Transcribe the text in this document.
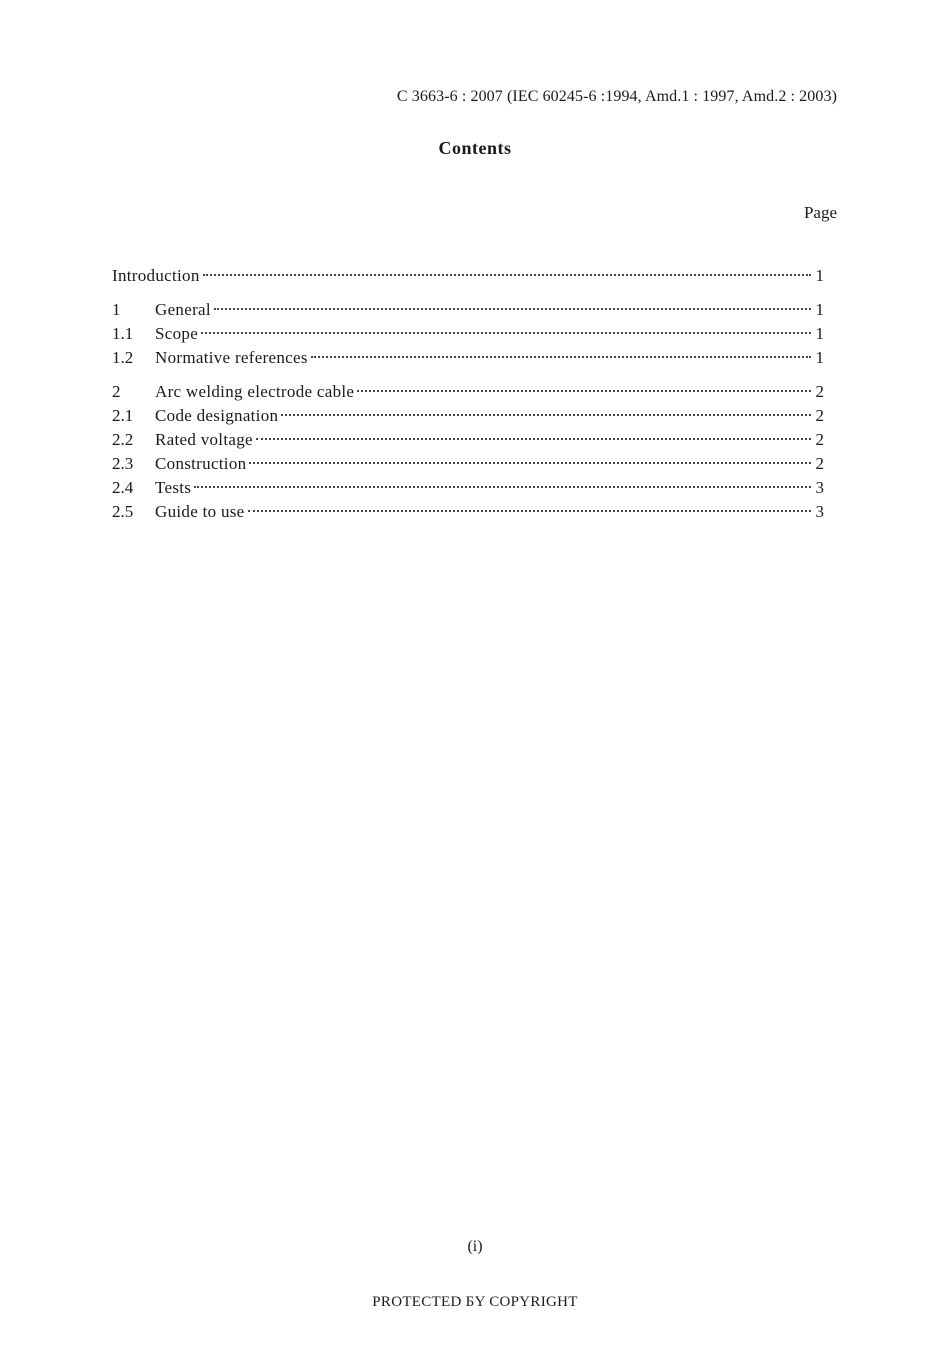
C 3663-6 : 2007 (IEC 60245-6 :1994, Amd.1 : 1997, Amd.2 : 2003)
Contents
Page
Introduction	1
1	General	1
1.1	Scope	1
1.2	Normative references	1
2	Arc welding electrode cable	2
2.1	Code designation	2
2.2	Rated voltage	2
2.3	Construction	2
2.4	Tests	3
2.5	Guide to use	3
(i)
PROTECTED ƂY COPYRIGHT
